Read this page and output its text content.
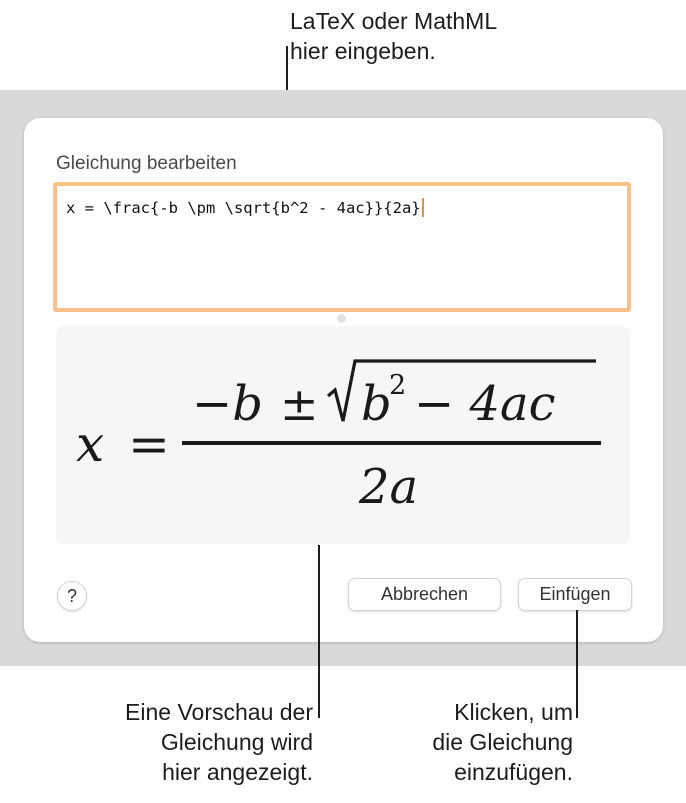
LaTeX oder MathML
hier eingeben.
Gleichung bearbeiten
x = \frac{-b \pm \sqrt{b^2 - 4ac}}{2a}
x =
−b ± b
2 − 4ac
2a
?	Abbrechen	Einfügen
Eine Vorschau der
Gleichung wird
hier angezeigt.
Klicken, um
die Gleichung
einzufügen.
